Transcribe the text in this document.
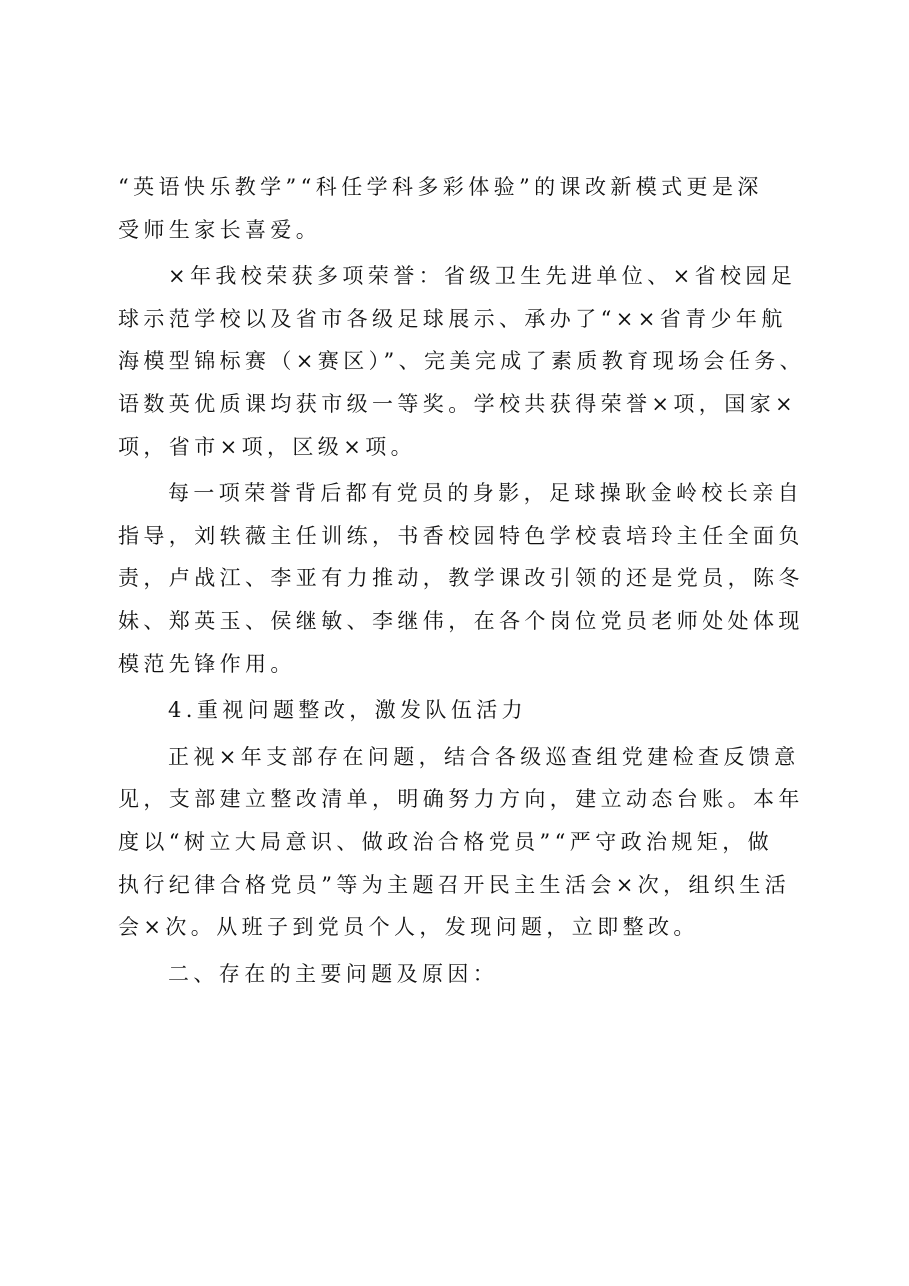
“英语快乐教学”“科任学科多彩体验”的课改新模式更是深
受师生家长喜爱。
×年我校荣获多项荣誉：省级卫生先进单位、×省校园足
球示范学校以及省市各级足球展示、承办了“××省青少年航
海模型锦标赛（×赛区）”、完美完成了素质教育现场会任务、
语数英优质课均获市级一等奖。学校共获得荣誉×项，国家×
项，省市×项，区级×项。
每一项荣誉背后都有党员的身影，足球操耿金岭校长亲自
指导，刘轶薇主任训练，书香校园特色学校袁培玲主任全面负
责，卢战江、李亚有力推动，教学课改引领的还是党员，陈冬
妹、郑英玉、侯继敏、李继伟，在各个岗位党员老师处处体现
模范先锋作用。
4.重视问题整改，激发队伍活力
正视×年支部存在问题，结合各级巡查组党建检查反馈意
见，支部建立整改清单，明确努力方向，建立动态台账。本年
度以“树立大局意识、做政治合格党员”“严守政治规矩，做
执行纪律合格党员”等为主题召开民主生活会×次，组织生活
会×次。从班子到党员个人，发现问题，立即整改。
二、存在的主要问题及原因：
